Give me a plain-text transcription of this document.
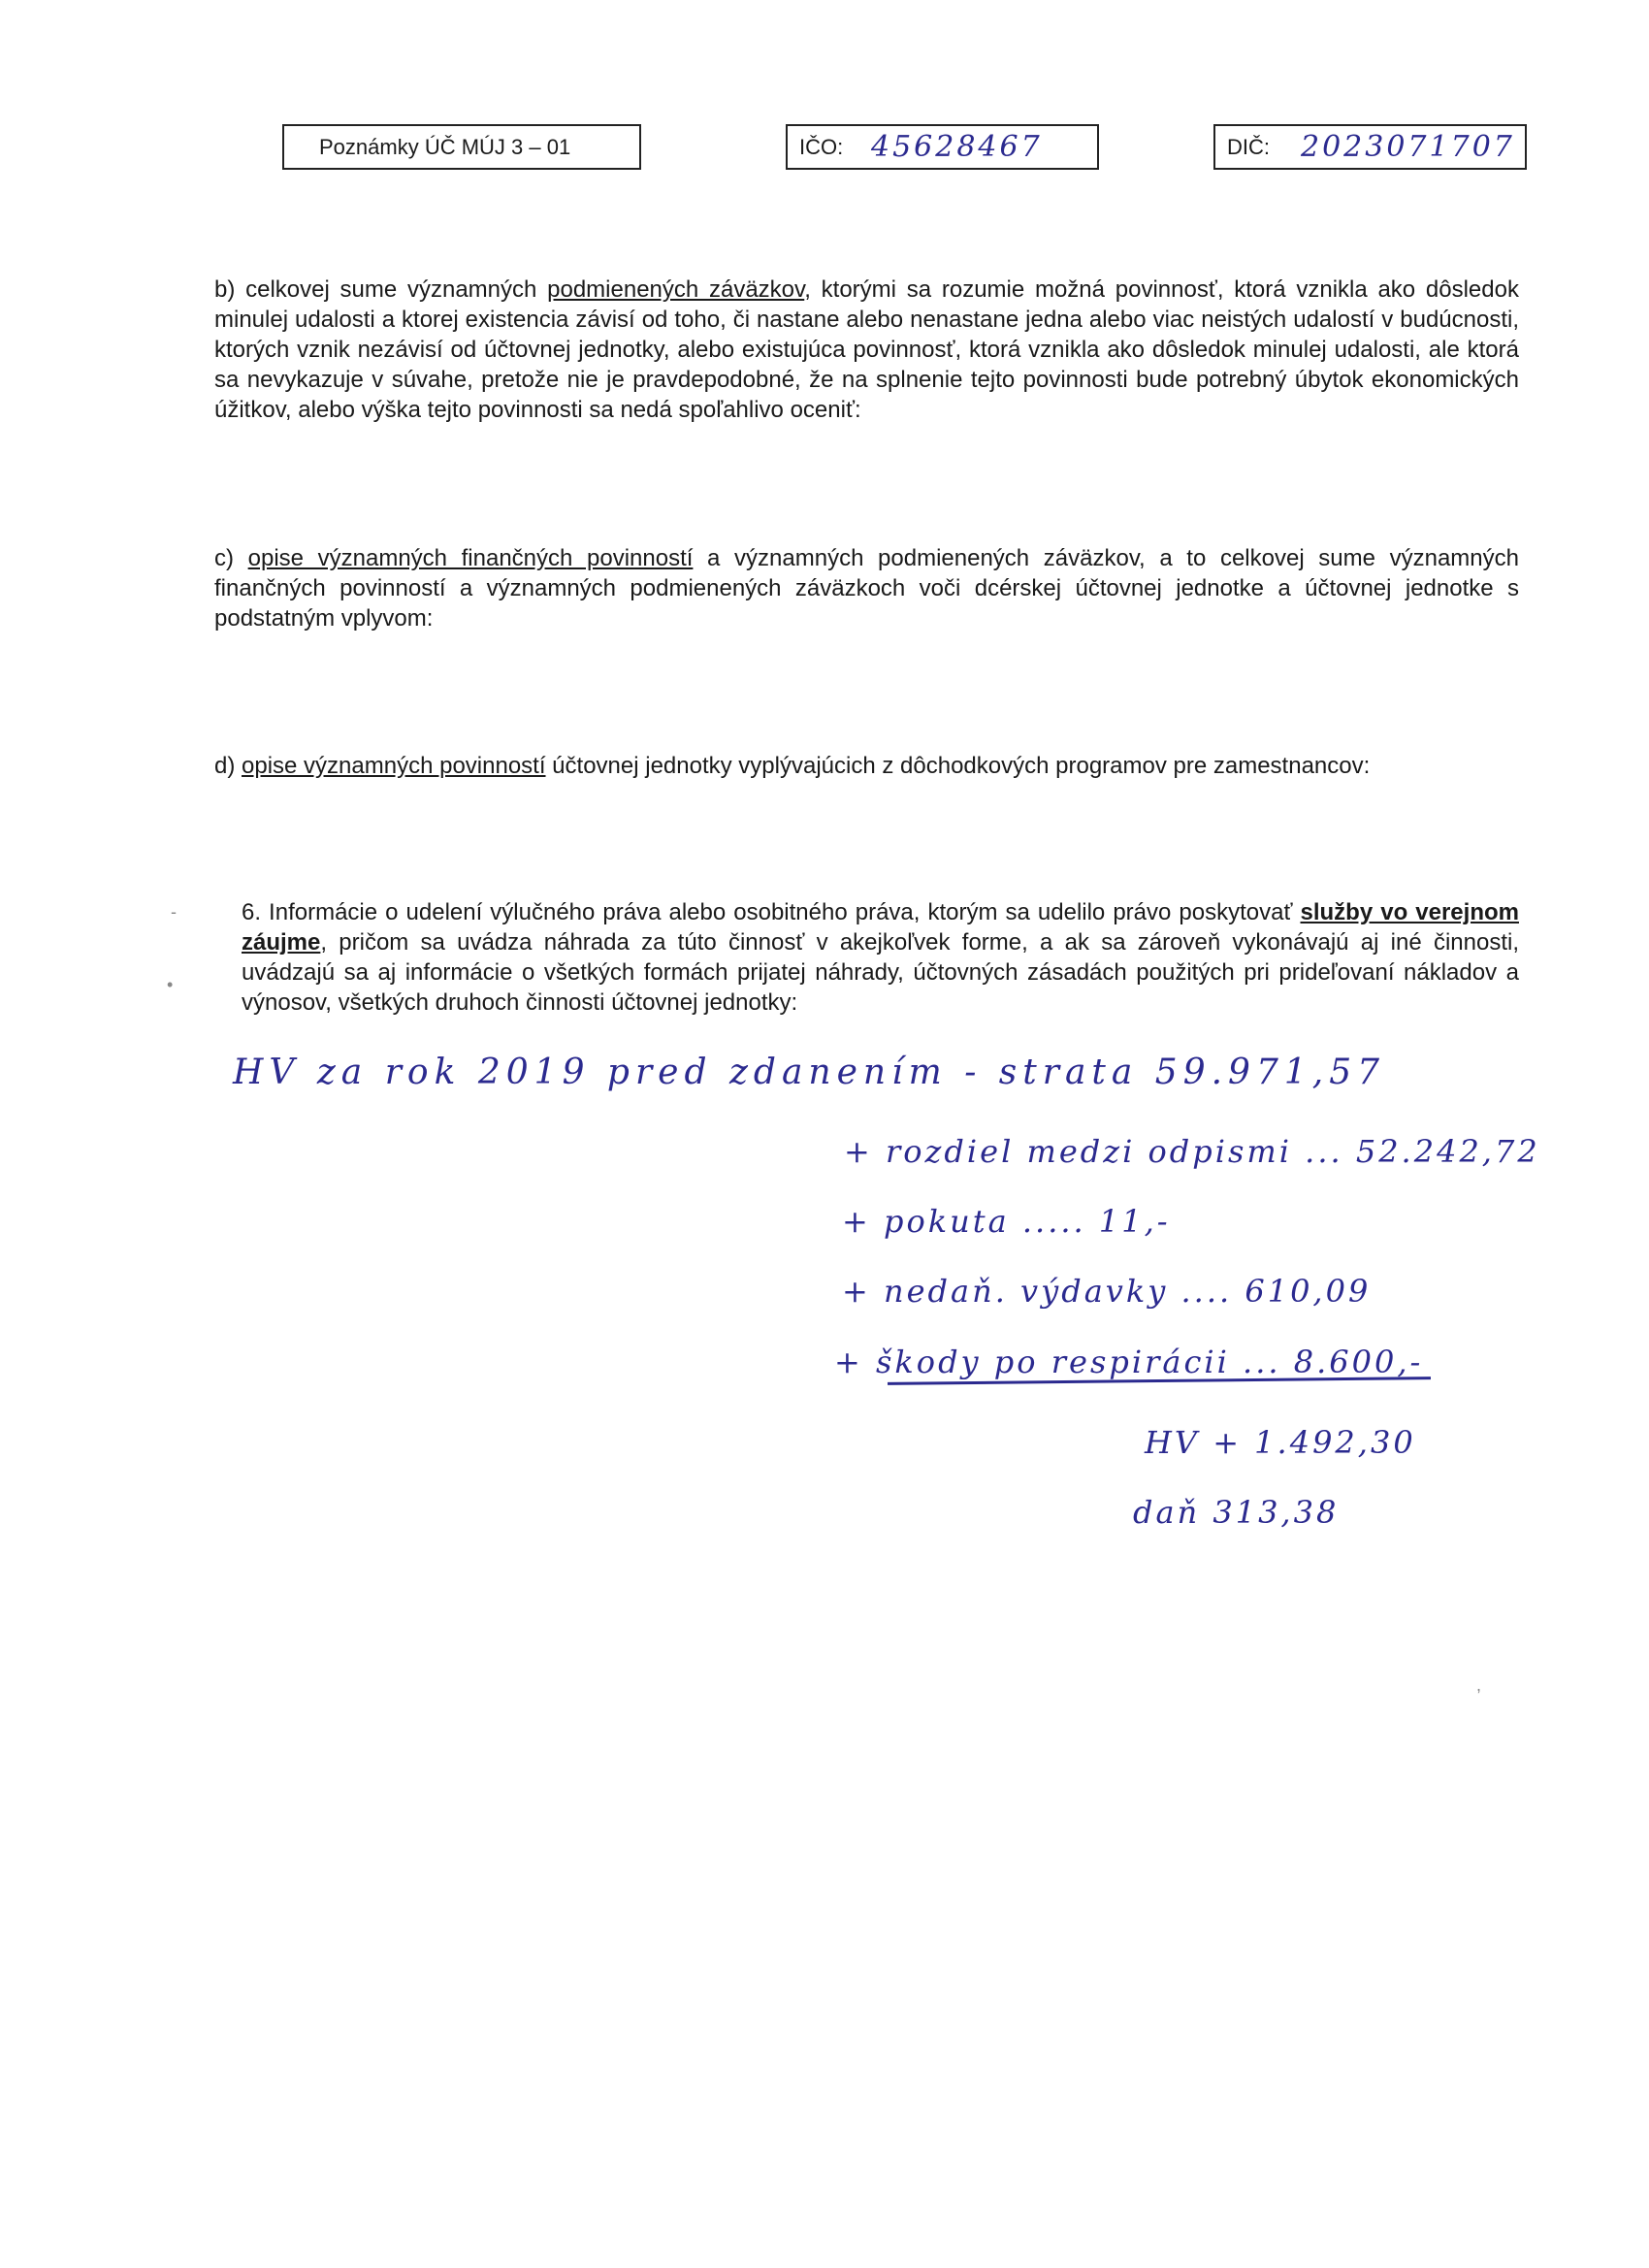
Poznámky ÚČ MÚJ 3 – 01	IČO: 45628467	DIČ: 2023071707

b) celkovej sume významných podmienených záväzkov, ktorými sa rozumie možná povinnosť, ktorá vznikla ako dôsledok minulej udalosti a ktorej existencia závisí od toho, či nastane alebo nenastane jedna alebo viac neistých udalostí v budúcnosti, ktorých vznik nezávisí od účtovnej jednotky, alebo existujúca povinnosť, ktorá vznikla ako dôsledok minulej udalosti, ale ktorá sa nevykazuje v súvahe, pretože nie je pravdepodobné, že na splnenie tejto povinnosti bude potrebný úbytok ekonomických úžitkov, alebo výška tejto povinnosti sa nedá spoľahlivo oceniť:

c) opise významných finančných povinností a významných podmienených záväzkov, a to celkovej sume významných finančných povinností a významných podmienených záväzkoch voči dcérskej účtovnej jednotke a účtovnej jednotke s podstatným vplyvom:

d) opise významných povinností účtovnej jednotky vyplývajúcich z dôchodkových programov pre zamestnancov:

-
•
,

6. Informácie o udelení výlučného práva alebo osobitného práva, ktorým sa udelilo právo poskytovať služby vo verejnom záujme, pričom sa uvádza náhrada za túto činnosť v akejkoľvek forme, a ak sa zároveň vykonávajú aj iné činnosti, uvádzajú sa aj informácie o všetkých formách prijatej náhrady, účtovných zásadách použitých pri prideľovaní nákladov a výnosov, všetkých druhoch činnosti účtovnej jednotky:

HV za rok 2019 pred zdanením - strata 59.971,57
+ rozdiel medzi odpismi ... 52.242,72
+ pokuta ..... 11,-
+ nedaň. výdavky .... 610,09
+ škody po respirácii ... 8.600,-
HV + 1.492,30
daň 313,38
